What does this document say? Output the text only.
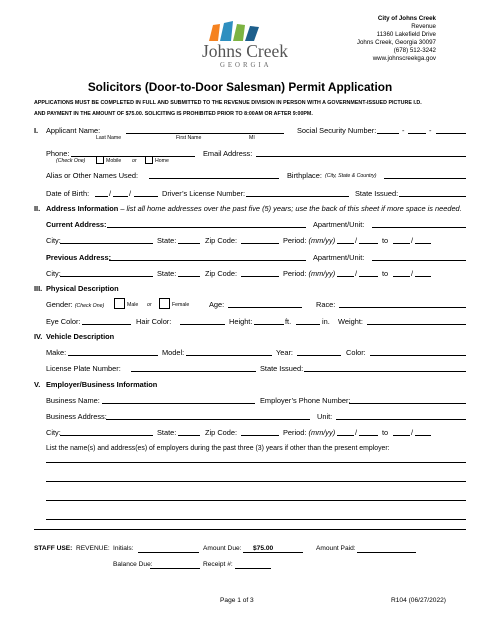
Johns Creek
GEORGIA
City of Johns Creek
Revenue
11360 Lakefield Drive
Johns Creek, Georgia 30097
(678) 512-3242
www.johnscreekga.gov
Solicitors (Door-to-Door Salesman) Permit Application
APPLICATIONS MUST BE COMPLETED IN FULL AND SUBMITTED TO THE REVENUE DIVISION IN PERSON WITH A GOVERNMENT-ISSUED PICTURE I.D.
AND PAYMENT IN THE AMOUNT OF $75.00. SOLICITING IS PROHIBITED PRIOR TO 8:00AM OR AFTER 9:00PM.
I. Applicant Name:
Last Name	First Name	MI
Social Security Number:	-	-
Phone:
(Check One)	Mobile or	Home
Email Address:
Alias or Other Names Used:	Birthplace: (City, State & Country)
Date of Birth:	/ /	Driver’s License Number:	State Issued:
II. Address Information – list all home addresses over the past five (5) years; use the back of this sheet if more space is needed.
Current Address:	Apartment/Unit:
City:	State:	Zip Code:	Period: (mm/yy)	/	to	/
Previous Address:	Apartment/Unit:
City:	State:	Zip Code:	Period: (mm/yy)	/	to	/
III. Physical Description
Gender: (Check One)	Male or	Female	Age:	Race:
Eye Color:	Hair Color:	Height:	ft.	in. Weight:
IV. Vehicle Description
Make:	Model:	Year:	Color:
License Plate Number:	State Issued:
V. Employer/Business Information
Business Name:	Employer’s Phone Number:
Business Address:	Unit:
City:	State:	Zip Code:	Period: (mm/yy)	/	to	/
List the name(s) and address(es) of employers during the past three (3) years if other than the present employer:
STAFF USE: REVENUE: Initials:	Amount Due: $75.00	Amount Paid:
Balance Due:	Receipt #:
Page 1 of 3	R104 (06/27/2022)
